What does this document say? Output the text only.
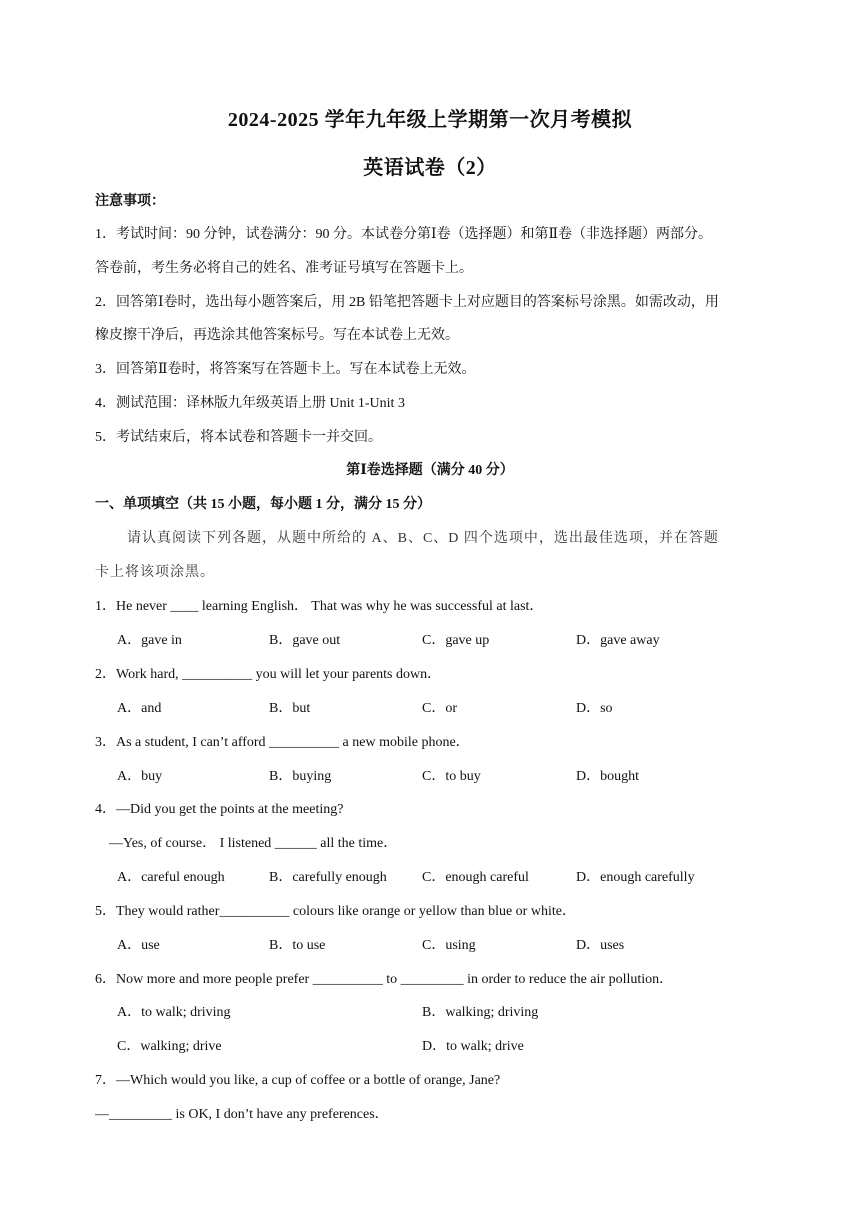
2024-2025 学年九年级上学期第一次月考模拟
英语试卷（2）
注意事项：
1．考试时间：90 分钟，试卷满分：90 分。本试卷分第Ⅰ卷（选择题）和第Ⅱ卷（非选择题）两部分。
答卷前，考生务必将自己的姓名、准考证号填写在答题卡上。
2．回答第Ⅰ卷时，选出每小题答案后，用 2B 铅笔把答题卡上对应题目的答案标号涂黑。如需改动，用
橡皮擦干净后，再选涂其他答案标号。写在本试卷上无效。
3．回答第Ⅱ卷时，将答案写在答题卡上。写在本试卷上无效。
4．测试范围：译林版九年级英语上册 Unit 1-Unit 3
5．考试结束后，将本试卷和答题卡一并交回。
第Ⅰ卷选择题（满分 40 分）
一、单项填空（共 15 小题，每小题 1 分，满分 15 分）
请认真阅读下列各题，从题中所给的 A、B、C、D 四个选项中，选出最佳选项，并在答题
卡上将该项涂黑。
1．He never ____ learning English． That was why he was successful at last．
A．gave in	B．gave out	C．gave up	D．gave away
2．Work hard, __________ you will let your parents down．
A．and	B．but	C．or	D．so
3．As a student, I can’t afford __________ a new mobile phone．
A．buy	B．buying	C．to buy	D．bought
4．—Did you get the points at the meeting?
—Yes, of course． I listened ______ all the time．
A．careful enough	B．carefully enough	C．enough careful	D．enough carefully
5．They would rather__________ colours like orange or yellow than blue or white．
A．use	B．to use	C．using	D．uses
6．Now more and more people prefer __________ to _________ in order to reduce the air pollution．
A．to walk; driving	B．walking; driving
C．walking; drive	D．to walk; drive
7．—Which would you like, a cup of coffee or a bottle of orange, Jane?
—_________ is OK, I don’t have any preferences．
